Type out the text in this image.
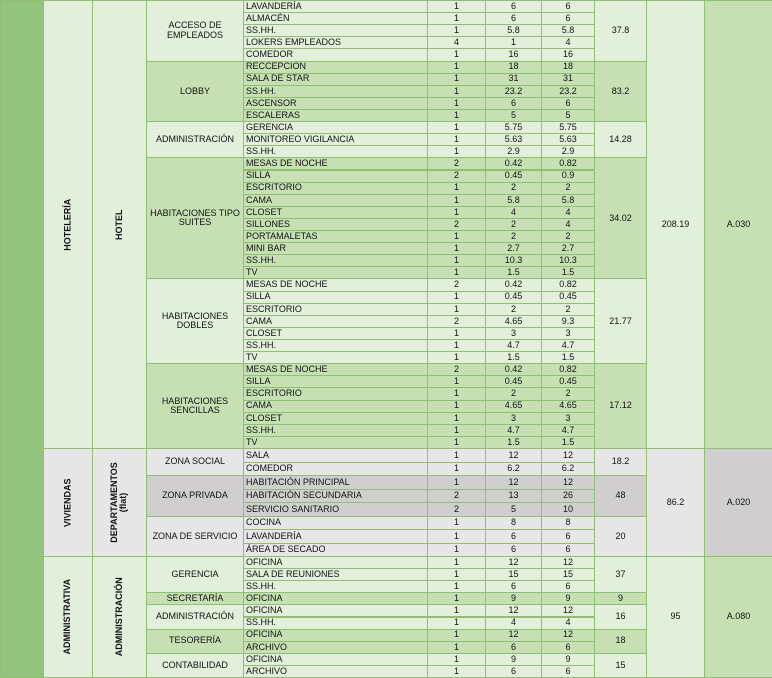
HOTELERÍA	HOTEL	208.19	A.030
ACCESO DE EMPLEADOS	37.8
LAVANDERÍA	1	6	6
ALMACÉN	1	6	6
SS.HH.	1	5.8	5.8
LOKERS EMPLEADOS	4	1	4
COMEDOR	1	16	16
LOBBY	83.2
RECCEPCIÓN	1	18	18
SALA DE STAR	1	31	31
SS.HH.	1	23.2	23.2
ASCENSOR	1	6	6
ESCALERAS	1	5	5
ADMINISTRACIÓN	14.28
GERENCIA	1	5.75	5.75
MONITOREO VIGILANCIA	1	5.63	5.63
SS.HH.	1	2.9	2.9
HABITACIONES TIPO SUITES	34.02
MESAS DE NOCHE	2	0.42	0.82
SILLA	2	0.45	0.9
ESCRITORIO	1	2	2
CAMA	1	5.8	5.8
CLOSET	1	4	4
SILLONES	2	2	4
PORTAMALETAS	1	2	2
MINI BAR	1	2.7	2.7
SS.HH.	1	10.3	10.3
TV	1	1.5	1.5
HABITACIONES DOBLES	21.77
MESAS DE NOCHE	2	0.42	0.82
SILLA	1	0.45	0.45
ESCRITORIO	1	2	2
CAMA	2	4.65	9.3
CLOSET	1	3	3
SS.HH.	1	4.7	4.7
TV	1	1.5	1.5
HABITACIONES SENCILLAS	17.12
MESAS DE NOCHE	2	0.42	0.82
SILLA	1	0.45	0.45
ESCRITORIO	1	2	2
CAMA	1	4.65	4.65
CLOSET	1	3	3
SS.HH.	1	4.7	4.7
TV	1	1.5	1.5
VIVIENDAS	DEPARTAMENTOS (flat)	86.2	A.020
ZONA SOCIAL	18.2
SALA	1	12	12
COMEDOR	1	6.2	6.2
ZONA PRIVADA	48
HABITACIÓN PRINCIPAL	1	12	12
HABITACIÓN SECUNDARIA	2	13	26
SERVICIO SANITARIO	2	5	10
ZONA DE SERVICIO	20
COCINA	1	8	8
LAVANDERÍA	1	6	6
ÁREA DE SECADO	1	6	6
ADMINISTRATIVA	ADMINISTRACIÓN	95	A.080
GERENCIA	37
OFICINA	1	12	12
SALA DE REUNIONES	1	15	15
SS.HH.	1	6	6
SECRETARÍA	9
OFICINA	1	9	9
ADMINISTRACIÓN	16
OFICINA	1	12	12
SS.HH.	1	4	4
TESORERÍA	18
OFICINA	1	12	12
ARCHIVO	1	6	6
CONTABILIDAD	15
OFICINA	1	9	9
ARCHIVO	1	6	6
